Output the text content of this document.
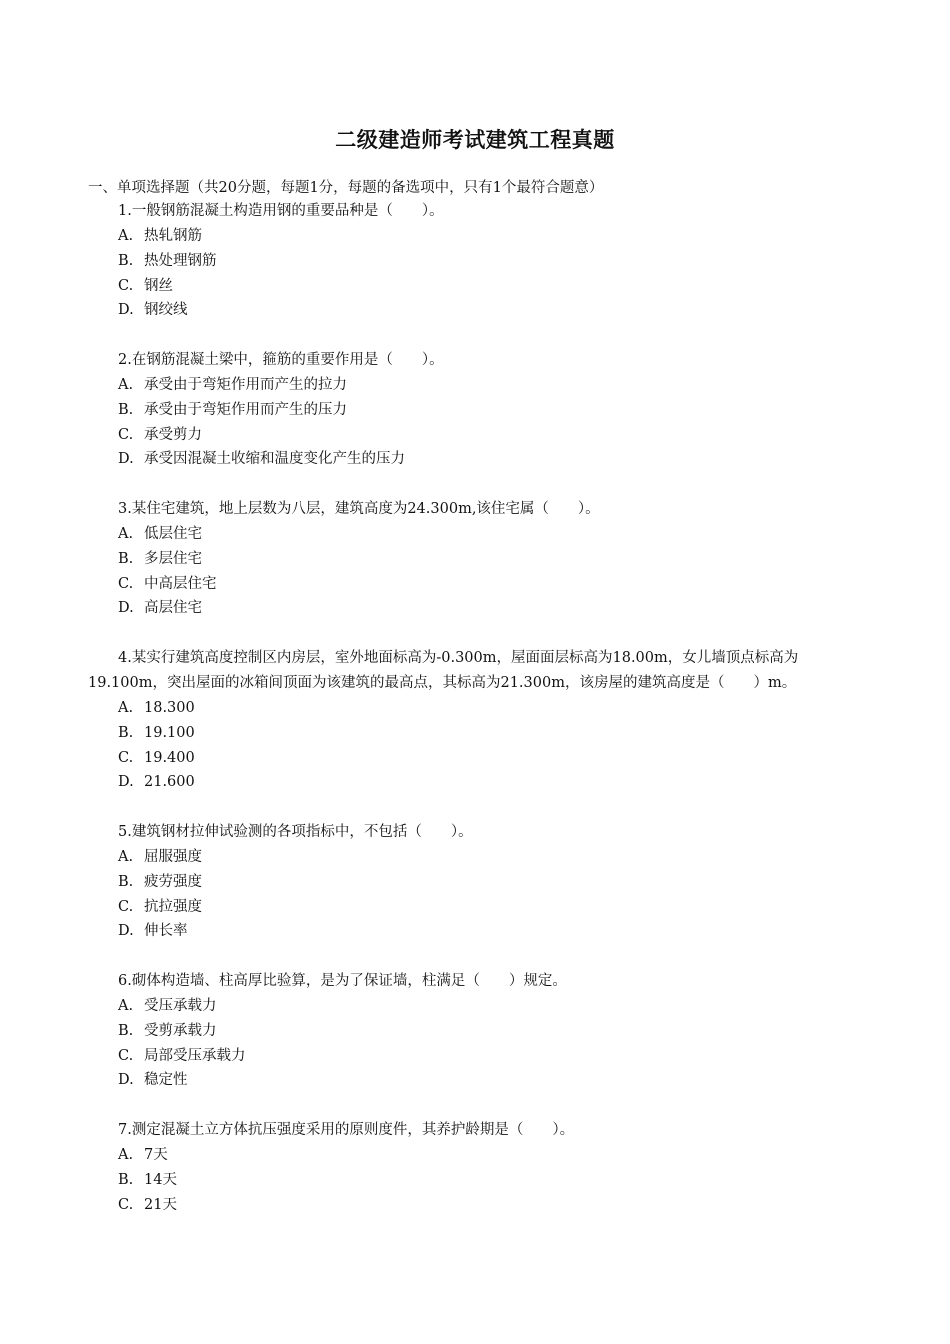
二级建造师考试建筑工程真题
一、单项选择题（共20分题，每题1分，每题的备选项中，只有1个最符合题意）
1.一般钢筋混凝土构造用钢的重要品种是（　　）。
A. 热轧钢筋
B. 热处理钢筋
C. 钢丝
D. 钢绞线
2.在钢筋混凝土梁中，箍筋的重要作用是（　　）。
A. 承受由于弯矩作用而产生的拉力
B. 承受由于弯矩作用而产生的压力
C. 承受剪力
D. 承受因混凝土收缩和温度变化产生的压力
3.某住宅建筑，地上层数为八层，建筑高度为24.300m,该住宅属（　　）。
A. 低层住宅
B. 多层住宅
C. 中高层住宅
D. 高层住宅
4.某实行建筑高度控制区内房层，室外地面标高为-0.300m，屋面面层标高为18.00m，女儿墙顶点标高为19.100m，突出屋面的冰箱间顶面为该建筑的最高点，其标高为21.300m，该房屋的建筑高度是（　　）m。
A. 18.300
B. 19.100
C. 19.400
D. 21.600
5.建筑钢材拉伸试验测的各项指标中，不包括（　　）。
A. 屈服强度
B. 疲劳强度
C. 抗拉强度
D. 伸长率
6.砌体构造墙、柱高厚比验算，是为了保证墙，柱满足（　　）规定。
A. 受压承载力
B. 受剪承载力
C. 局部受压承载力
D. 稳定性
7.测定混凝土立方体抗压强度采用的原则度件，其养护龄期是（　　）。
A. 7天
B. 14天
C. 21天
